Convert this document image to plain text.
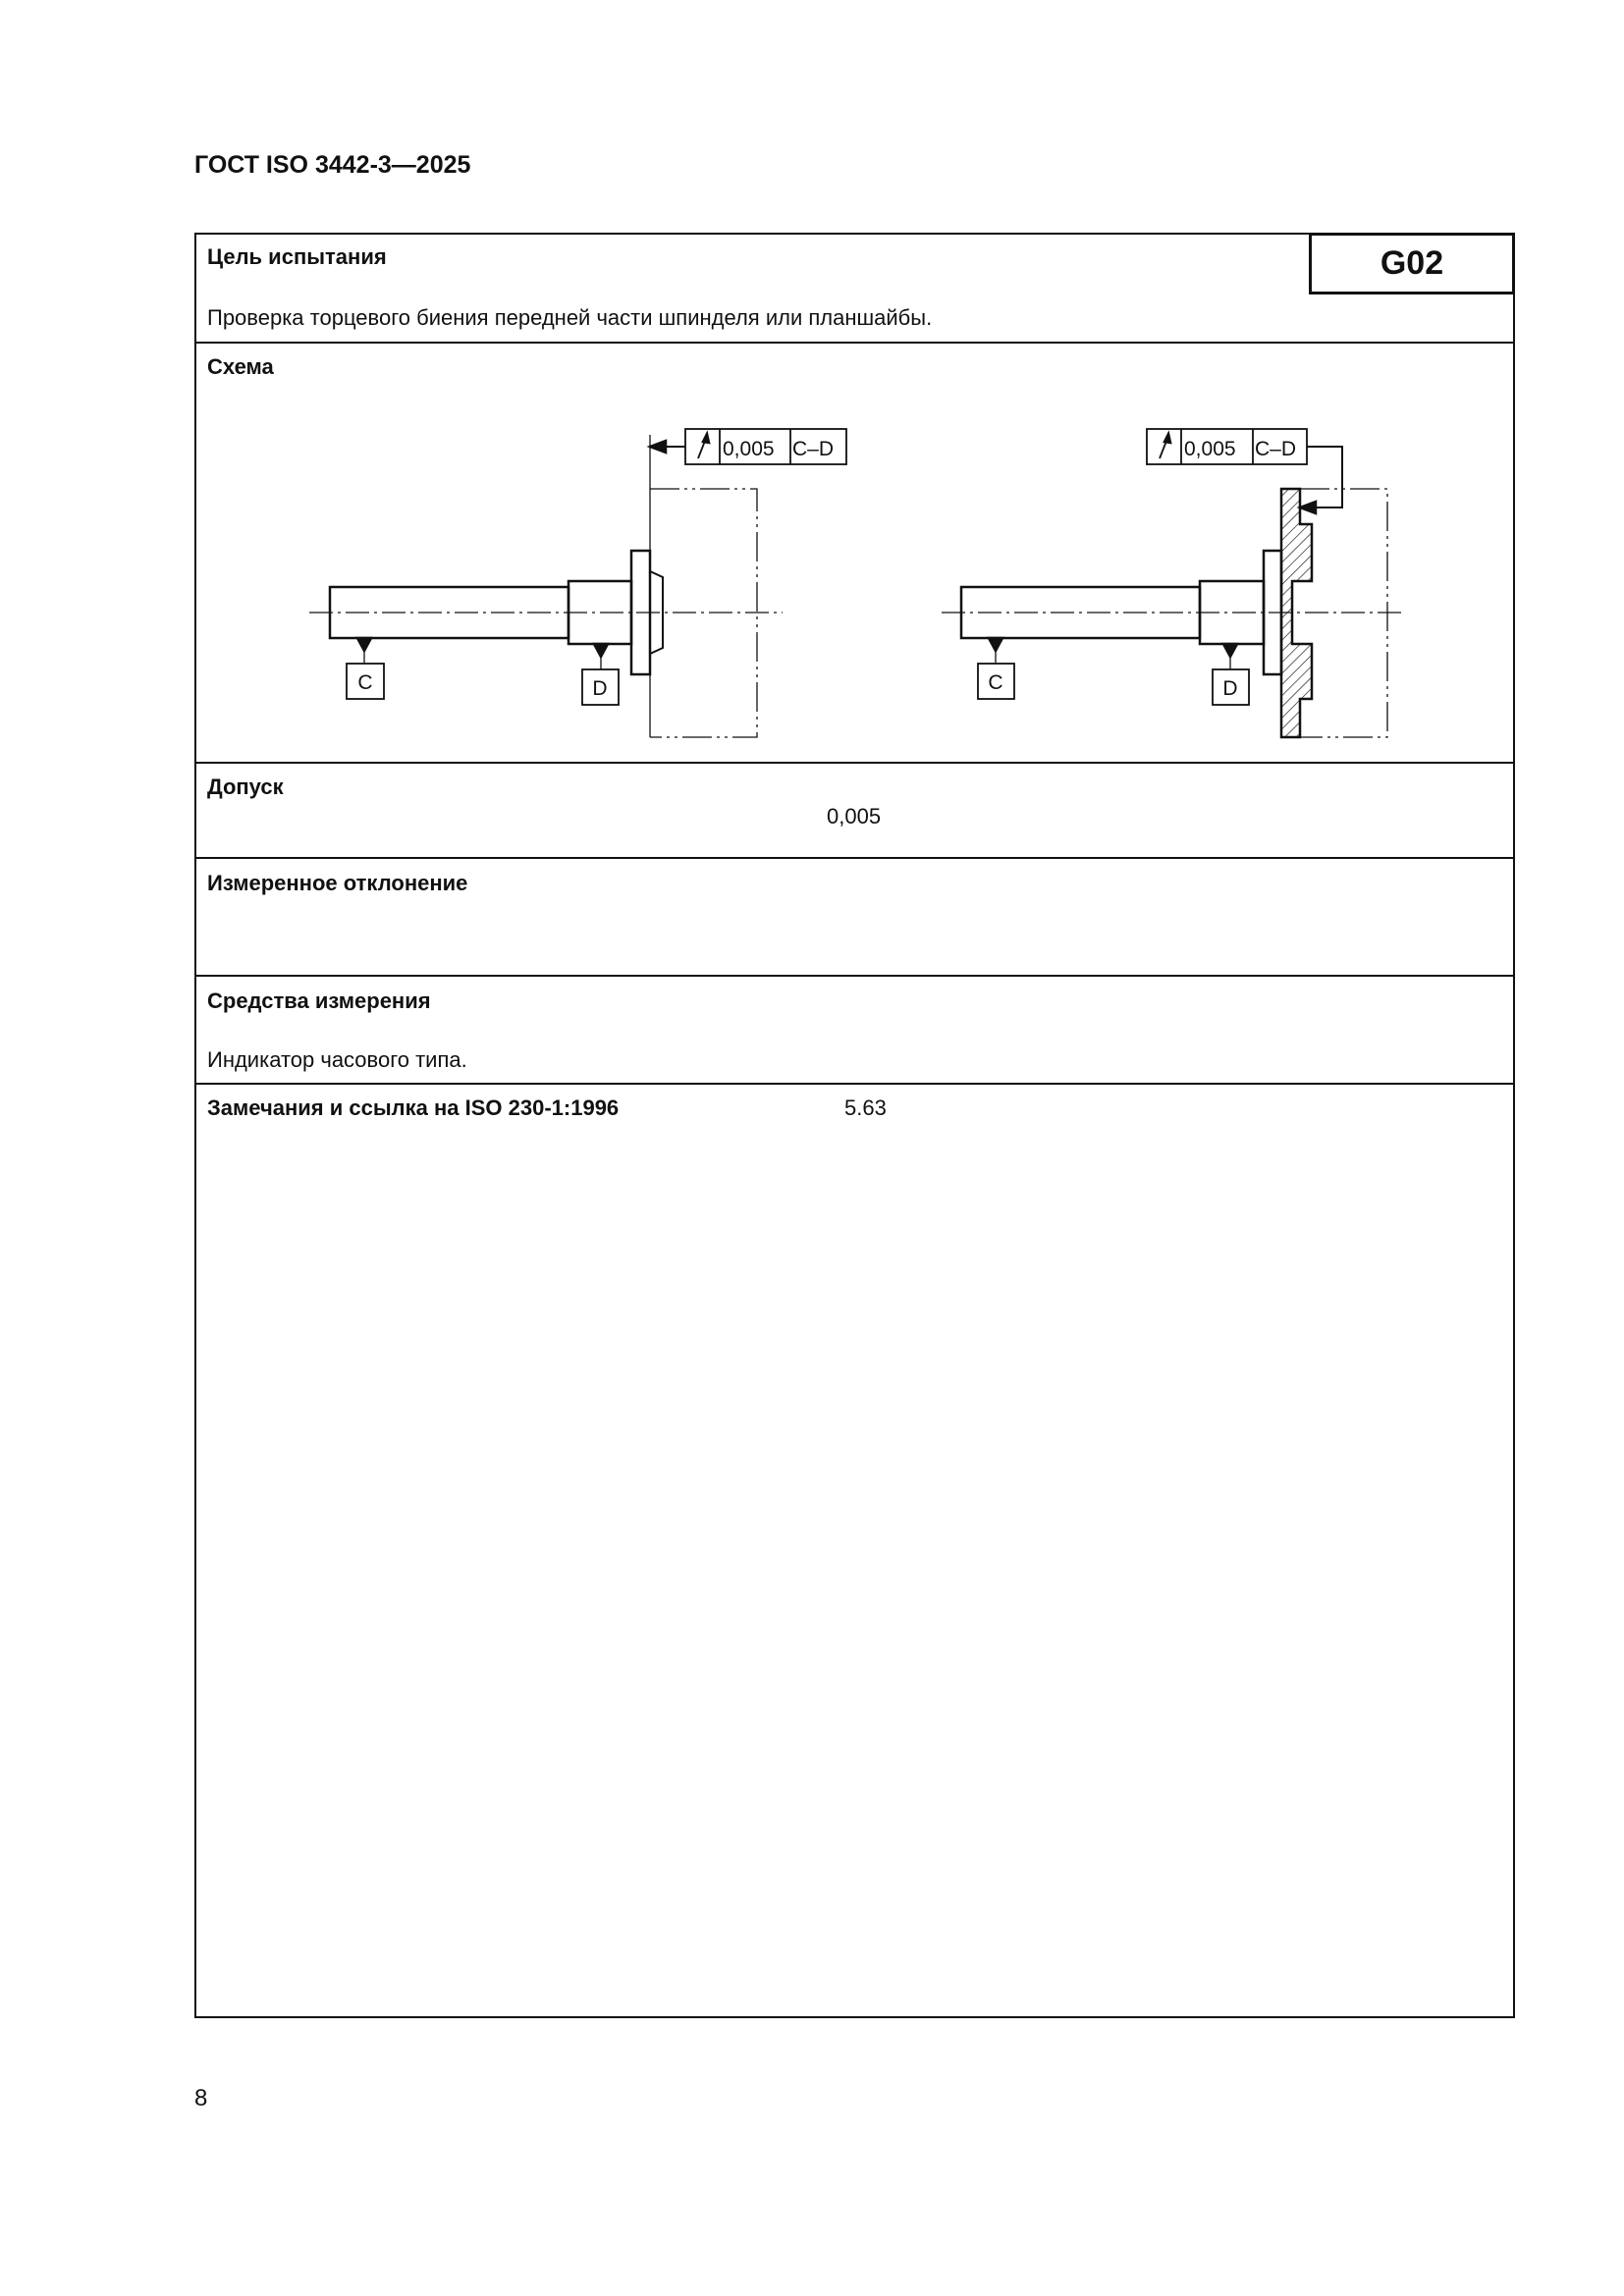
ГОСТ ISO 3442-3—2025
G02
Цель испытания
Проверка торцевого биения передней части шпинделя или планшайбы.
Схема
Допуск
0,005
Измеренное отклонение
Средства измерения
Индикатор часового типа.
Замечания и ссылка на ISO 230-1:1996	5.63
0,005 C–D
C	D
0,005 C–D
C	D
8
